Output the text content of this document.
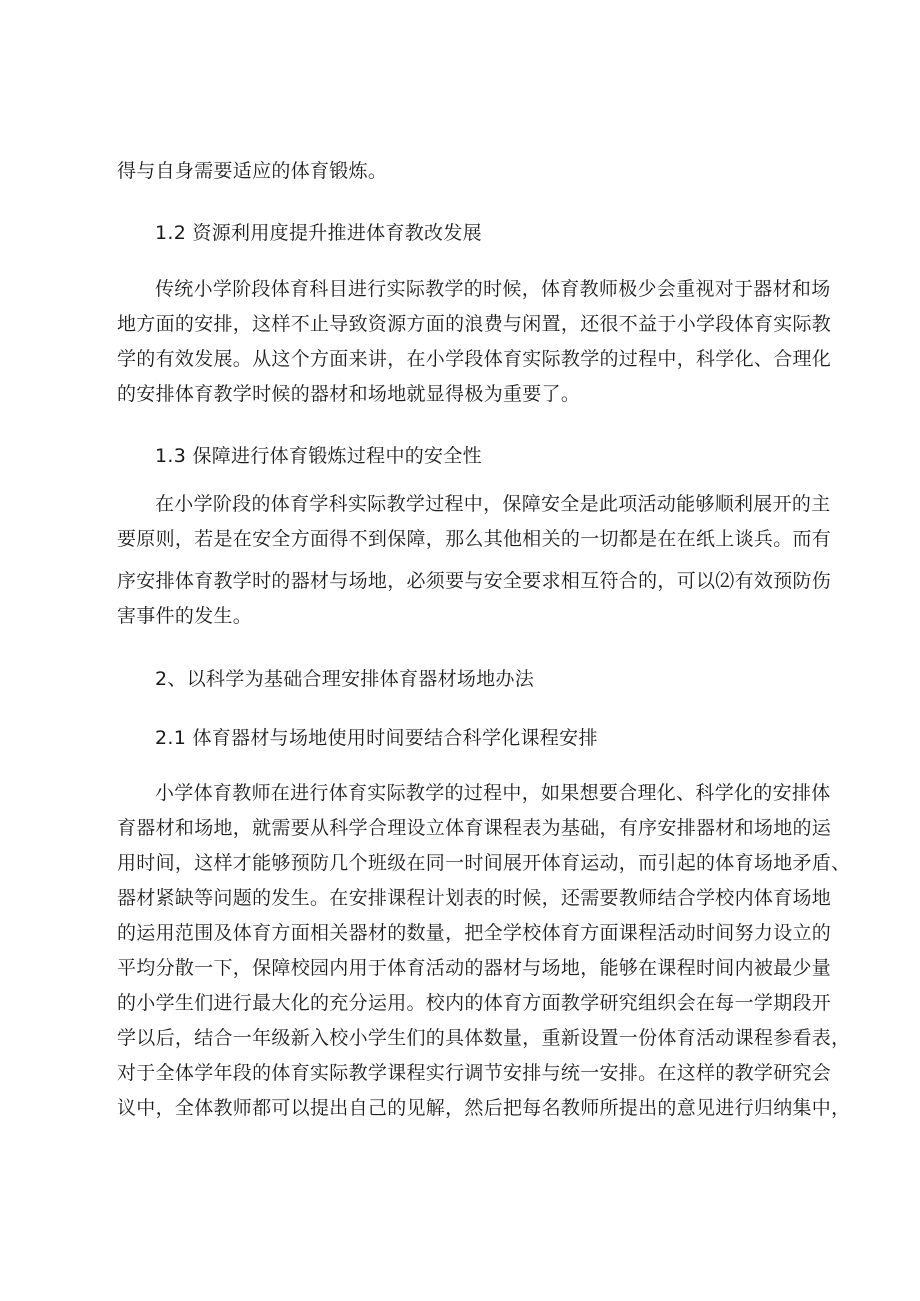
得与自身需要适应的体育锻炼。
1.2 资源利用度提升推进体育教改发展
传统小学阶段体育科目进行实际教学的时候，体育教师极少会重视对于器材和场
地方面的安排，这样不止导致资源方面的浪费与闲置，还很不益于小学段体育实际教
学的有效发展。从这个方面来讲，在小学段体育实际教学的过程中，科学化、合理化
的安排体育教学时候的器材和场地就显得极为重要了。
1.3 保障进行体育锻炼过程中的安全性
在小学阶段的体育学科实际教学过程中，保障安全是此项活动能够顺利展开的主
要原则，若是在安全方面得不到保障，那么其他相关的一切都是在在纸上谈兵。而有
序安排体育教学时的器材与场地，必须要与安全要求相互符合的，可以⑵有效预防伤
害事件的发生。
2、以科学为基础合理安排体育器材场地办法
2.1 体育器材与场地使用时间要结合科学化课程安排
小学体育教师在进行体育实际教学的过程中，如果想要合理化、科学化的安排体
育器材和场地，就需要从科学合理设立体育课程表为基础，有序安排器材和场地的运
用时间，这样才能够预防几个班级在同一时间展开体育运动，而引起的体育场地矛盾、
器材紧缺等问题的发生。在安排课程计划表的时候，还需要教师结合学校内体育场地
的运用范围及体育方面相关器材的数量，把全学校体育方面课程活动时间努力设立的
平均分散一下，保障校园内用于体育活动的器材与场地，能够在课程时间内被最少量
的小学生们进行最大化的充分运用。校内的体育方面教学研究组织会在每一学期段开
学以后，结合一年级新入校小学生们的具体数量，重新设置一份体育活动课程参看表，
对于全体学年段的体育实际教学课程实行调节安排与统一安排。在这样的教学研究会
议中，全体教师都可以提出自己的见解，然后把每名教师所提出的意见进行归纳集中，
